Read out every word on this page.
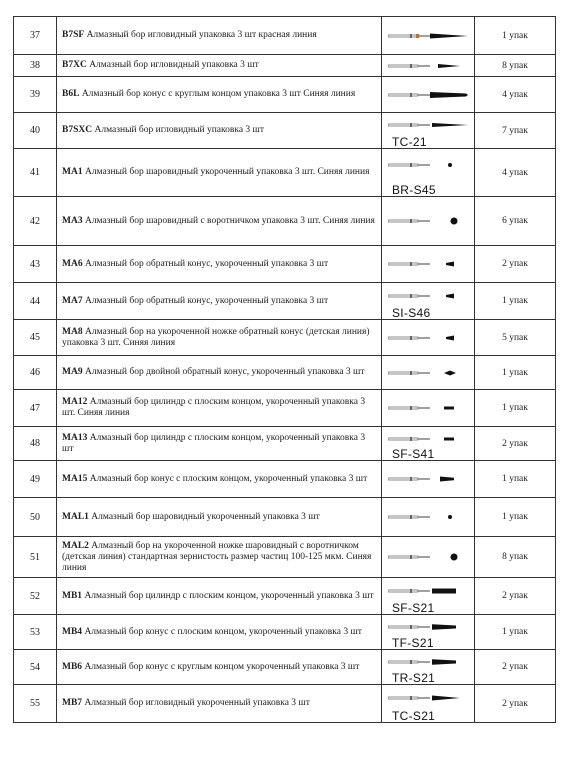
37	B7SF Алмазный бор игловидный упаковка 3 шт красная линия		1 упак
38	B7XC Алмазный бор игловидный упаковка 3 шт		8 упак
39	B6L Алмазный бор конус с круглым концом упаковка 3 шт Синяя линия		4 упак
40	B7SXC Алмазный бор игловидный упаковка 3 шт	TC-21	7 упак
41	MA1 Алмазный бор шаровидный укороченный упаковка 3 шт. Синяя линия	BR-S45	4 упак
42	MA3 Алмазный бор шаровидный с воротничком упаковка 3 шт. Синяя линия		6 упак
43	MA6 Алмазный бор обратный конус, укороченный упаковка 3 шт		2 упак
44	MA7 Алмазный бор обратный конус, укороченный упаковка 3 шт	SI-S46	1 упак
45	MA8 Алмазный бор на укороченной ножке обратный конус (детская линия) упаковка 3 шт. Синяя линия		5 упак
46	MA9 Алмазный бор двойной обратный конус, укороченный упаковка 3 шт		1 упак
47	MA12 Алмазный бор цилиндр с плоским концом, укороченный упаковка 3 шт. Синяя линия		1 упак
48	MA13 Алмазный бор цилиндр с плоским концом, укороченный упаковка 3 шт	SF-S41	2 упак
49	MA15 Алмазный бор конус с плоским концом, укороченный упаковка 3 шт		1 упак
50	MAL1 Алмазный бор шаровидный укороченный упаковка 3 шт		1 упак
51	MAL2 Алмазный бор на укороченной ножке шаровидный с воротничком (детская линия) стандартная зернистость размер частиц 100-125 мкм. Синяя линия		8 упак
52	MB1 Алмазный бор цилиндр с плоским концом, укороченный упаковка 3 шт	SF-S21	2 упак
53	MB4 Алмазный бор конус с плоским концом, укороченный упаковка 3 шт	TF-S21	1 упак
54	MB6 Алмазный бор конус с круглым концом укороченный упаковка 3 шт	TR-S21	2 упак
55	MB7 Алмазный бор игловидный укороченный упаковка 3 шт	TC-S21	2 упак
